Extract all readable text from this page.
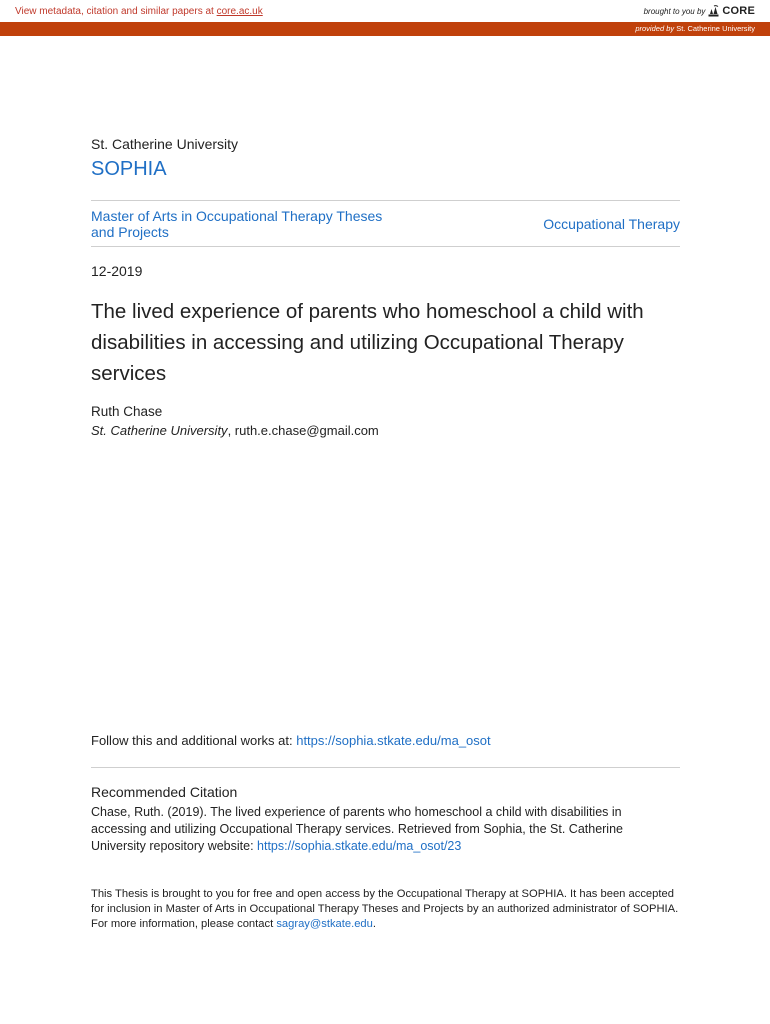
View metadata, citation and similar papers at core.ac.uk	brought to you by CORE
provided by St. Catherine University
St. Catherine University
SOPHIA
Master of Arts in Occupational Therapy Theses and Projects	Occupational Therapy
12-2019
The lived experience of parents who homeschool a child with disabilities in accessing and utilizing Occupational Therapy services
Ruth Chase
St. Catherine University, ruth.e.chase@gmail.com
Follow this and additional works at: https://sophia.stkate.edu/ma_osot
Recommended Citation
Chase, Ruth. (2019). The lived experience of parents who homeschool a child with disabilities in accessing and utilizing Occupational Therapy services. Retrieved from Sophia, the St. Catherine University repository website: https://sophia.stkate.edu/ma_osot/23
This Thesis is brought to you for free and open access by the Occupational Therapy at SOPHIA. It has been accepted for inclusion in Master of Arts in Occupational Therapy Theses and Projects by an authorized administrator of SOPHIA. For more information, please contact sagray@stkate.edu.
